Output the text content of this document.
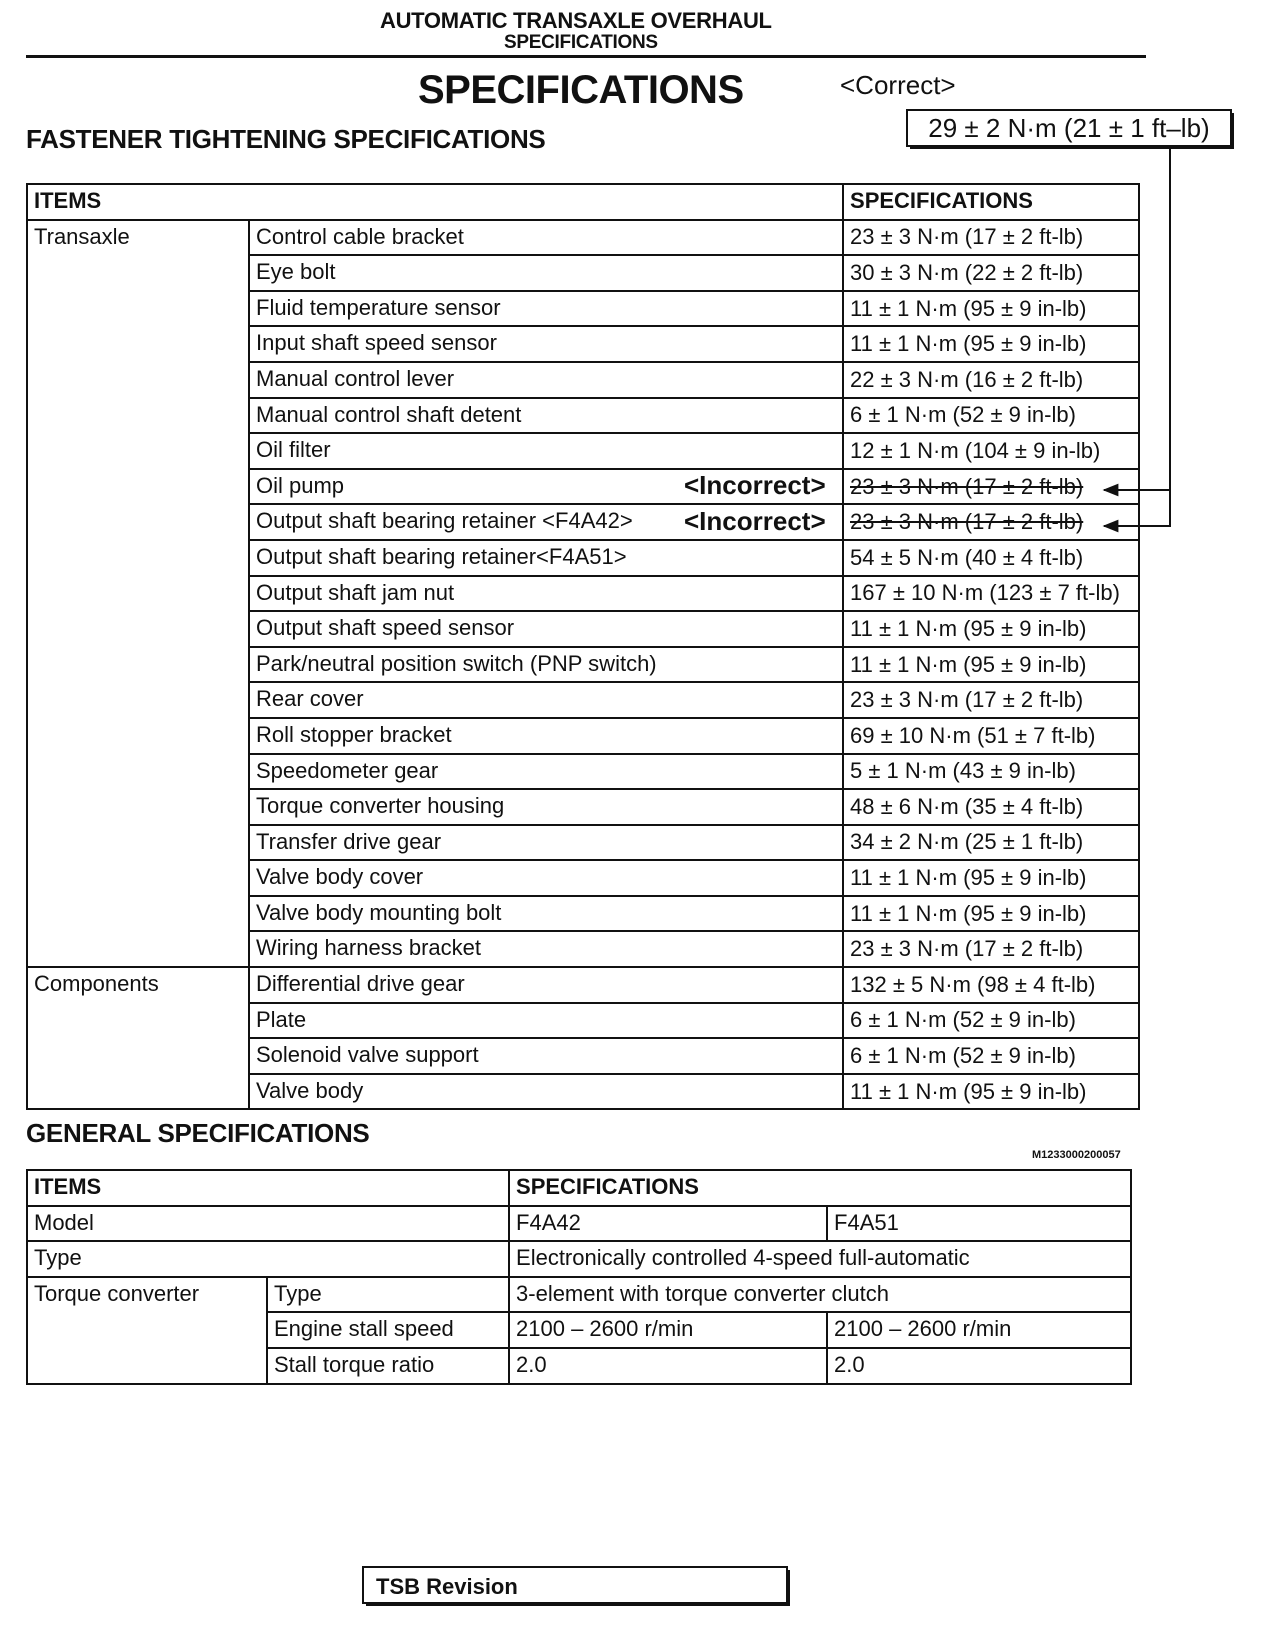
AUTOMATIC TRANSAXLE OVERHAUL
SPECIFICATIONS
SPECIFICATIONS	<Correct>
29 ± 2 N·m (21 ± 1 ft–lb)
FASTENER TIGHTENING SPECIFICATIONS
ITEMS		SPECIFICATIONS
Transaxle	Control cable bracket	23 ± 3 N·m (17 ± 2 ft-lb)
	Eye bolt	30 ± 3 N·m (22 ± 2 ft-lb)
	Fluid temperature sensor	11 ± 1 N·m (95 ± 9 in-lb)
	Input shaft speed sensor	11 ± 1 N·m (95 ± 9 in-lb)
	Manual control lever	22 ± 3 N·m (16 ± 2 ft-lb)
	Manual control shaft detent	6 ± 1 N·m (52 ± 9 in-lb)
	Oil filter	12 ± 1 N·m (104 ± 9 in-lb)
	Oil pump	23 ± 3 N·m (17 ± 2 ft-lb)
	Output shaft bearing retainer <F4A42>	23 ± 3 N·m (17 ± 2 ft-lb)
	Output shaft bearing retainer<F4A51>	54 ± 5 N·m (40 ± 4 ft-lb)
	Output shaft jam nut	167 ± 10 N·m (123 ± 7 ft-lb)
	Output shaft speed sensor	11 ± 1 N·m (95 ± 9 in-lb)
	Park/neutral position switch (PNP switch)	11 ± 1 N·m (95 ± 9 in-lb)
	Rear cover	23 ± 3 N·m (17 ± 2 ft-lb)
	Roll stopper bracket	69 ± 10 N·m (51 ± 7 ft-lb)
	Speedometer gear	5 ± 1 N·m (43 ± 9 in-lb)
	Torque converter housing	48 ± 6 N·m (35 ± 4 ft-lb)
	Transfer drive gear	34 ± 2 N·m (25 ± 1 ft-lb)
	Valve body cover	11 ± 1 N·m (95 ± 9 in-lb)
	Valve body mounting bolt	11 ± 1 N·m (95 ± 9 in-lb)
	Wiring harness bracket	23 ± 3 N·m (17 ± 2 ft-lb)
Components	Differential drive gear	132 ± 5 N·m (98 ± 4 ft-lb)
	Plate	6 ± 1 N·m (52 ± 9 in-lb)
	Solenoid valve support	6 ± 1 N·m (52 ± 9 in-lb)
	Valve body	11 ± 1 N·m (95 ± 9 in-lb)
<Incorrect>
<Incorrect>
GENERAL SPECIFICATIONS
M1233000200057
ITEMS		SPECIFICATIONS	
Model		F4A42	F4A51
Type		Electronically controlled 4-speed full-automatic	
Torque converter	Type	3-element with torque converter clutch	
	Engine stall speed	2100 – 2600 r/min	2100 – 2600 r/min
	Stall torque ratio	2.0	2.0
TSB Revision
